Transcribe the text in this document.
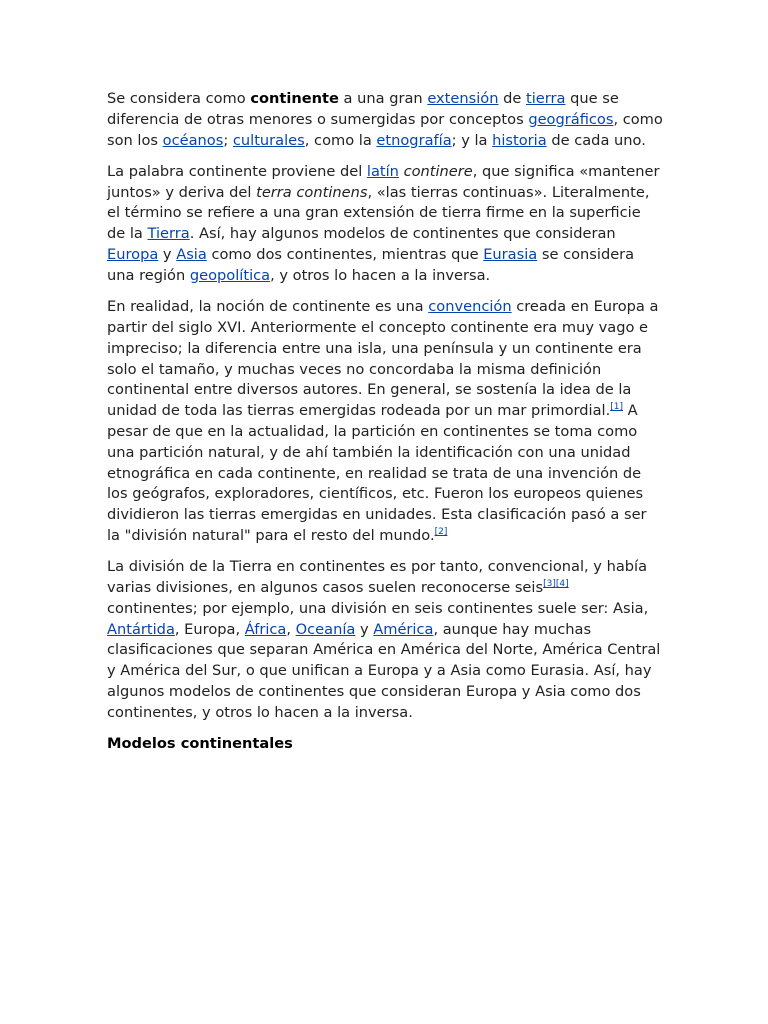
Se considera como continente a una gran extensión de tierra que se diferencia de otras menores o sumergidas por conceptos geográficos, como son los océanos; culturales, como la etnografía; y la historia de cada uno.

La palabra continente proviene del latín continere, que significa «mantener juntos» y deriva del terra continens, «las tierras continuas». Literalmente, el término se refiere a una gran extensión de tierra firme en la superficie de la Tierra. Así, hay algunos modelos de continentes que consideran Europa y Asia como dos continentes, mientras que Eurasia se considera una región geopolítica, y otros lo hacen a la inversa.

En realidad, la noción de continente es una convención creada en Europa a partir del siglo XVI. Anteriormente el concepto continente era muy vago e impreciso; la diferencia entre una isla, una península y un continente era solo el tamaño, y muchas veces no concordaba la misma definición continental entre diversos autores. En general, se sostenía la idea de la unidad de toda las tierras emergidas rodeada por un mar primordial.[1] A pesar de que en la actualidad, la partición en continentes se toma como una partición natural, y de ahí también la identificación con una unidad etnográfica en cada continente, en realidad se trata de una invención de los geógrafos, exploradores, científicos, etc. Fueron los europeos quienes dividieron las tierras emergidas en unidades. Esta clasificación pasó a ser la "división natural" para el resto del mundo.[2]

La división de la Tierra en continentes es por tanto, convencional, y había varias divisiones, en algunos casos suelen reconocerse seis[3][4] continentes; por ejemplo, una división en seis continentes suele ser: Asia, Antártida, Europa, África, Oceanía y América, aunque hay muchas clasificaciones que separan América en América del Norte, América Central y América del Sur, o que unifican a Europa y a Asia como Eurasia. Así, hay algunos modelos de continentes que consideran Europa y Asia como dos continentes, y otros lo hacen a la inversa.

Modelos continentales
